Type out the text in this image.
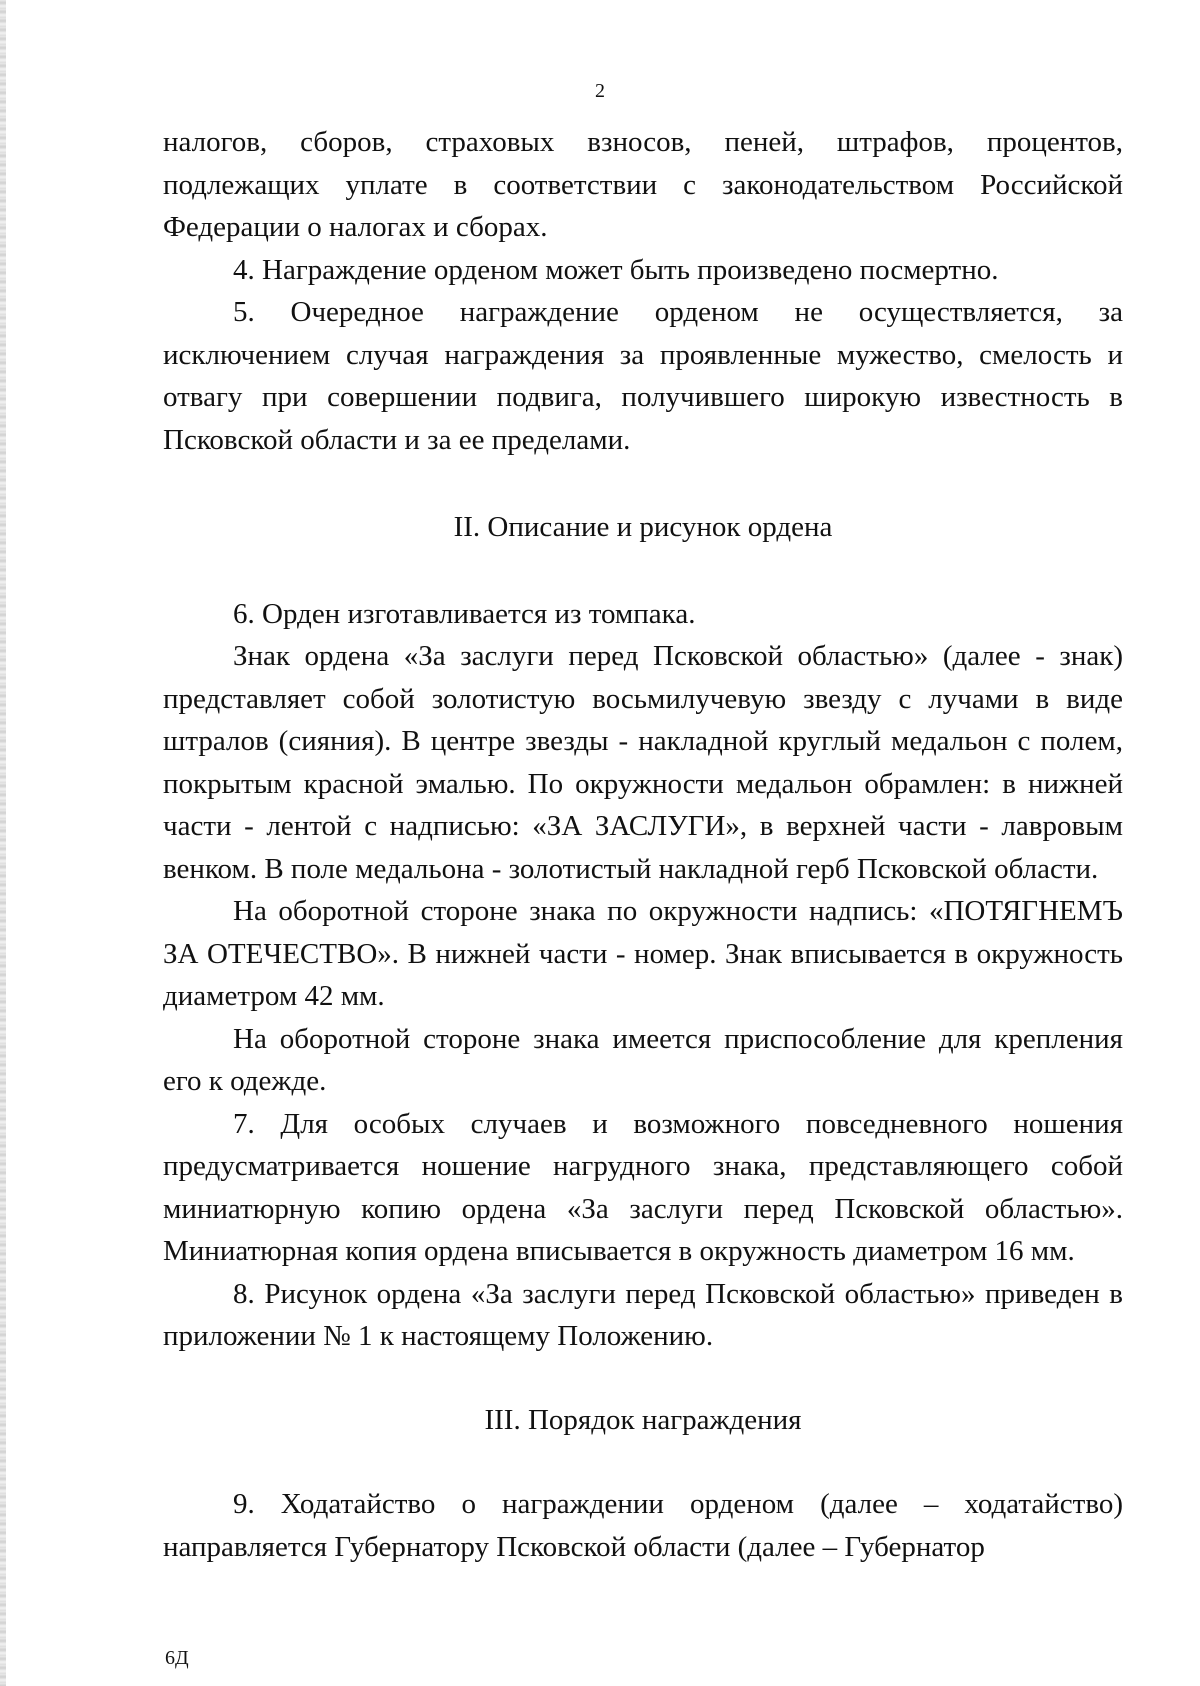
2

налогов, сборов, страховых взносов, пеней, штрафов, процентов, подлежащих уплате в соответствии с законодательством Российской Федерации о налогах и сборах.

4. Награждение орденом может быть произведено посмертно.

5. Очередное награждение орденом не осуществляется, за исключением случая награждения за проявленные мужество, смелость и отвагу при совершении подвига, получившего широкую известность в Псковской области и за ее пределами.

II. Описание и рисунок ордена

6. Орден изготавливается из томпака.

Знак ордена «За заслуги перед Псковской областью» (далее - знак) представляет собой золотистую восьмилучевую звезду с лучами в виде штралов (сияния). В центре звезды - накладной круглый медальон с полем, покрытым красной эмалью. По окружности медальон обрамлен: в нижней части - лентой с надписью: «ЗА ЗАСЛУГИ», в верхней части - лавровым венком. В поле медальона - золотистый накладной герб Псковской области.

На оборотной стороне знака по окружности надпись: «ПОТЯГНЕМЪ ЗА ОТЕЧЕСТВО». В нижней части - номер. Знак вписывается в окружность диаметром 42 мм.

На оборотной стороне знака имеется приспособление для крепления его к одежде.

7. Для особых случаев и возможного повседневного ношения предусматривается ношение нагрудного знака, представляющего собой миниатюрную копию ордена «За заслуги перед Псковской областью». Миниатюрная копия ордена вписывается в окружность диаметром 16 мм.

8. Рисунок ордена «За заслуги перед Псковской областью» приведен в приложении № 1 к настоящему Положению.

III. Порядок награждения

9. Ходатайство о награждении орденом (далее – ходатайство) направляется Губернатору Псковской области (далее – Губернатор

6Д
